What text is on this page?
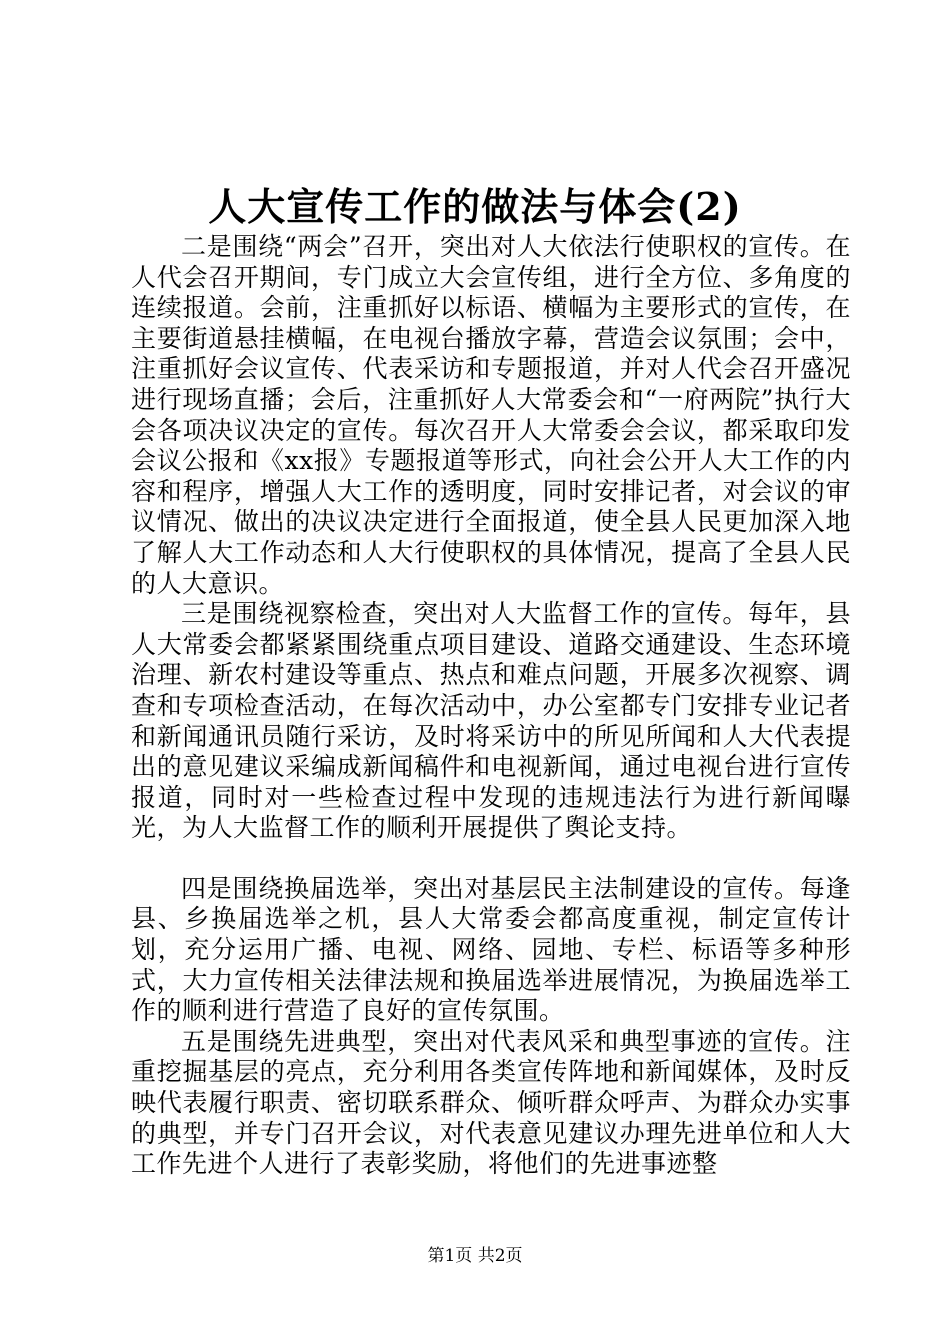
人大宣传工作的做法与体会(2)

二是围绕“两会”召开，突出对人大依法行使职权的宣传。在人代会召开期间，专门成立大会宣传组，进行全方位、多角度的连续报道。会前，注重抓好以标语、横幅为主要形式的宣传，在主要街道悬挂横幅，在电视台播放字幕，营造会议氛围；会中，注重抓好会议宣传、代表采访和专题报道，并对人代会召开盛况进行现场直播；会后，注重抓好人大常委会和“一府两院”执行大会各项决议决定的宣传。每次召开人大常委会会议，都采取印发会议公报和《xx报》专题报道等形式，向社会公开人大工作的内容和程序，增强人大工作的透明度，同时安排记者，对会议的审议情况、做出的决议决定进行全面报道，使全县人民更加深入地了解人大工作动态和人大行使职权的具体情况，提高了全县人民的人大意识。

三是围绕视察检查，突出对人大监督工作的宣传。每年，县人大常委会都紧紧围绕重点项目建设、道路交通建设、生态环境治理、新农村建设等重点、热点和难点问题，开展多次视察、调查和专项检查活动，在每次活动中，办公室都专门安排专业记者和新闻通讯员随行采访，及时将采访中的所见所闻和人大代表提出的意见建议采编成新闻稿件和电视新闻，通过电视台进行宣传报道，同时对一些检查过程中发现的违规违法行为进行新闻曝光，为人大监督工作的顺利开展提供了舆论支持。

四是围绕换届选举，突出对基层民主法制建设的宣传。每逢县、乡换届选举之机，县人大常委会都高度重视，制定宣传计划，充分运用广播、电视、网络、园地、专栏、标语等多种形式，大力宣传相关法律法规和换届选举进展情况，为换届选举工作的顺利进行营造了良好的宣传氛围。

五是围绕先进典型，突出对代表风采和典型事迹的宣传。注重挖掘基层的亮点，充分利用各类宣传阵地和新闻媒体，及时反映代表履行职责、密切联系群众、倾听群众呼声、为群众办实事的典型，并专门召开会议，对代表意见建议办理先进单位和人大工作先进个人进行了表彰奖励，将他们的先进事迹整

第1页 共2页
